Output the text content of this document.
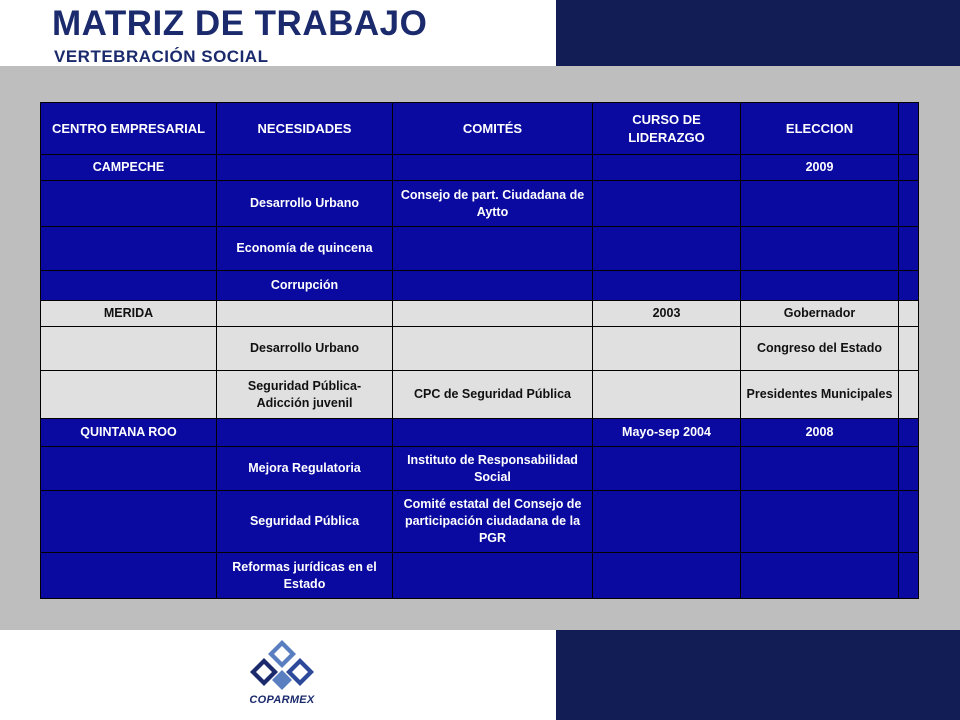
MATRIZ DE TRABAJO
VERTEBRACIÓN SOCIAL
CENTRO EMPRESARIAL	NECESIDADES	COMITÉS	CURSO DE LIDERAZGO	ELECCION	
CAMPECHE				2009	
	Desarrollo Urbano	Consejo de part. Ciudadana de Aytto			
	Economía de quincena				
	Corrupción				
MERIDA			2003	Gobernador	
	Desarrollo Urbano			Congreso del Estado	
	Seguridad Pública- Adicción juvenil	CPC de Seguridad Pública		Presidentes Municipales	
QUINTANA ROO			Mayo-sep 2004	2008	
	Mejora Regulatoria	Instituto de Responsabilidad Social			
	Seguridad Pública	Comité estatal del Consejo de participación ciudadana de la PGR			
	Reformas jurídicas en el Estado				
COPARMEX
